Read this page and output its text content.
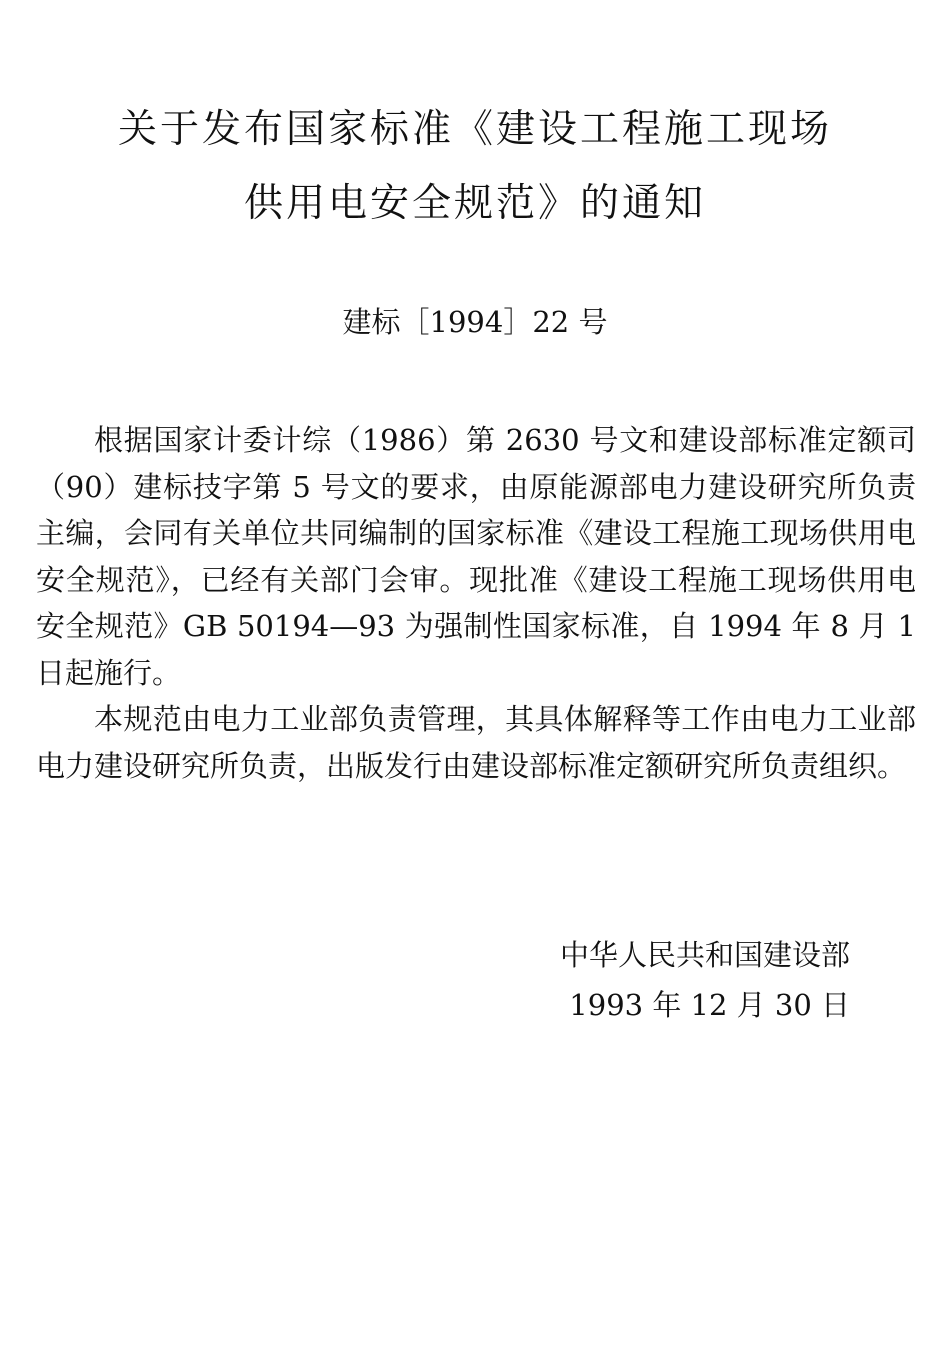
关于发布国家标准《建设工程施工现场
供用电安全规范》的通知
建标［1994］22 号

根据国家计委计综（1986）第 2630 号文和建设部标准定额司（90）建标技字第 5 号文的要求，由原能源部电力建设研究所负责主编，会同有关单位共同编制的国家标准《建设工程施工现场供用电安全规范》，已经有关部门会审。现批准《建设工程施工现场供用电安全规范》GB 50194—93 为强制性国家标准，自 1994 年 8 月 1 日起施行。

本规范由电力工业部负责管理，其具体解释等工作由电力工业部电力建设研究所负责，出版发行由建设部标准定额研究所负责组织。

中华人民共和国建设部
1993 年 12 月 30 日
